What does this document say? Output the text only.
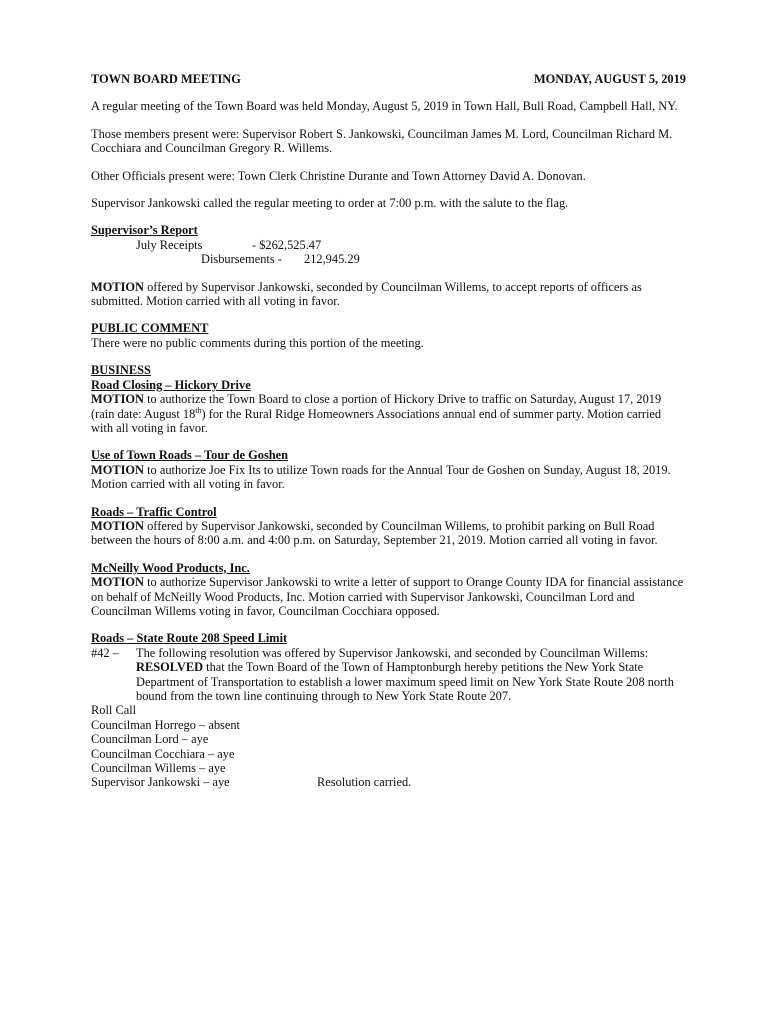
TOWN BOARD MEETING	MONDAY, AUGUST 5, 2019

A regular meeting of the Town Board was held Monday, August 5, 2019 in Town Hall, Bull Road, Campbell Hall, NY.

Those members present were: Supervisor Robert S. Jankowski, Councilman James M. Lord, Councilman Richard M. Cocchiara and Councilman Gregory R. Willems.

Other Officials present were: Town Clerk Christine Durante and Town Attorney David A. Donovan.

Supervisor Jankowski called the regular meeting to order at 7:00 p.m. with the salute to the flag.

Supervisor’s Report
July Receipts	- $262,525.47
Disbursements -	212,945.29

MOTION offered by Supervisor Jankowski, seconded by Councilman Willems, to accept reports of officers as submitted. Motion carried with all voting in favor.

PUBLIC COMMENT
There were no public comments during this portion of the meeting.
BUSINESS
Road Closing – Hickory Drive
MOTION to authorize the Town Board to close a portion of Hickory Drive to traffic on Saturday, August 17, 2019 (rain date: August 18th) for the Rural Ridge Homeowners Associations annual end of summer party. Motion carried with all voting in favor.
Use of Town Roads – Tour de Goshen
MOTION to authorize Joe Fix Its to utilize Town roads for the Annual Tour de Goshen on Sunday, August 18, 2019. Motion carried with all voting in favor.
Roads – Traffic Control
MOTION offered by Supervisor Jankowski, seconded by Councilman Willems, to prohibit parking on Bull Road between the hours of 8:00 a.m. and 4:00 p.m. on Saturday, September 21, 2019. Motion carried all voting in favor.
McNeilly Wood Products, Inc.
MOTION to authorize Supervisor Jankowski to write a letter of support to Orange County IDA for financial assistance on behalf of McNeilly Wood Products, Inc. Motion carried with Supervisor Jankowski, Councilman Lord and Councilman Willems voting in favor, Councilman Cocchiara opposed.
Roads – State Route 208 Speed Limit
#42 –	The following resolution was offered by Supervisor Jankowski, and seconded by Councilman Willems:
RESOLVED that the Town Board of the Town of Hamptonburgh hereby petitions the New York State Department of Transportation to establish a lower maximum speed limit on New York State Route 208 north bound from the town line continuing through to New York State Route 207.
Roll Call
Councilman Horrego – absent
Councilman Lord – aye
Councilman Cocchiara – aye
Councilman Willems – aye
Supervisor Jankowski – aye	Resolution carried.
